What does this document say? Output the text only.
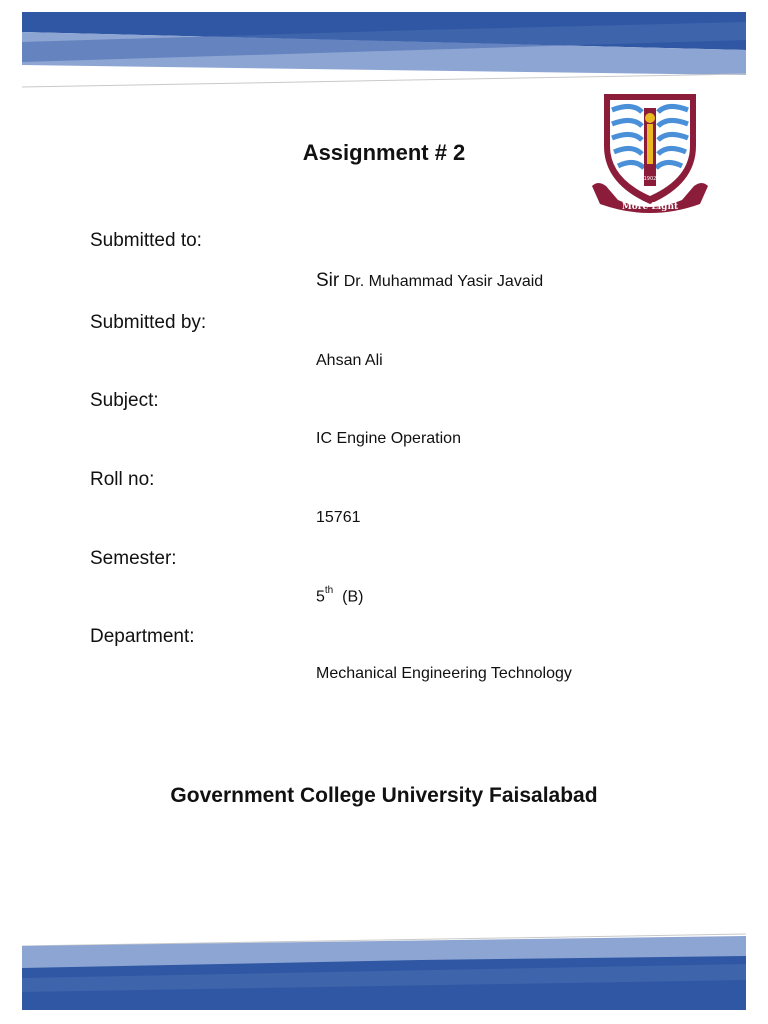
Assignment # 2
1902
More Light
Submitted to:
Sir Dr. Muhammad Yasir Javaid
Submitted by:
Ahsan Ali
Subject:
IC Engine Operation
Roll no:
15761
Semester:
5th (B)
Department:
Mechanical Engineering Technology
Government College University Faisalabad
